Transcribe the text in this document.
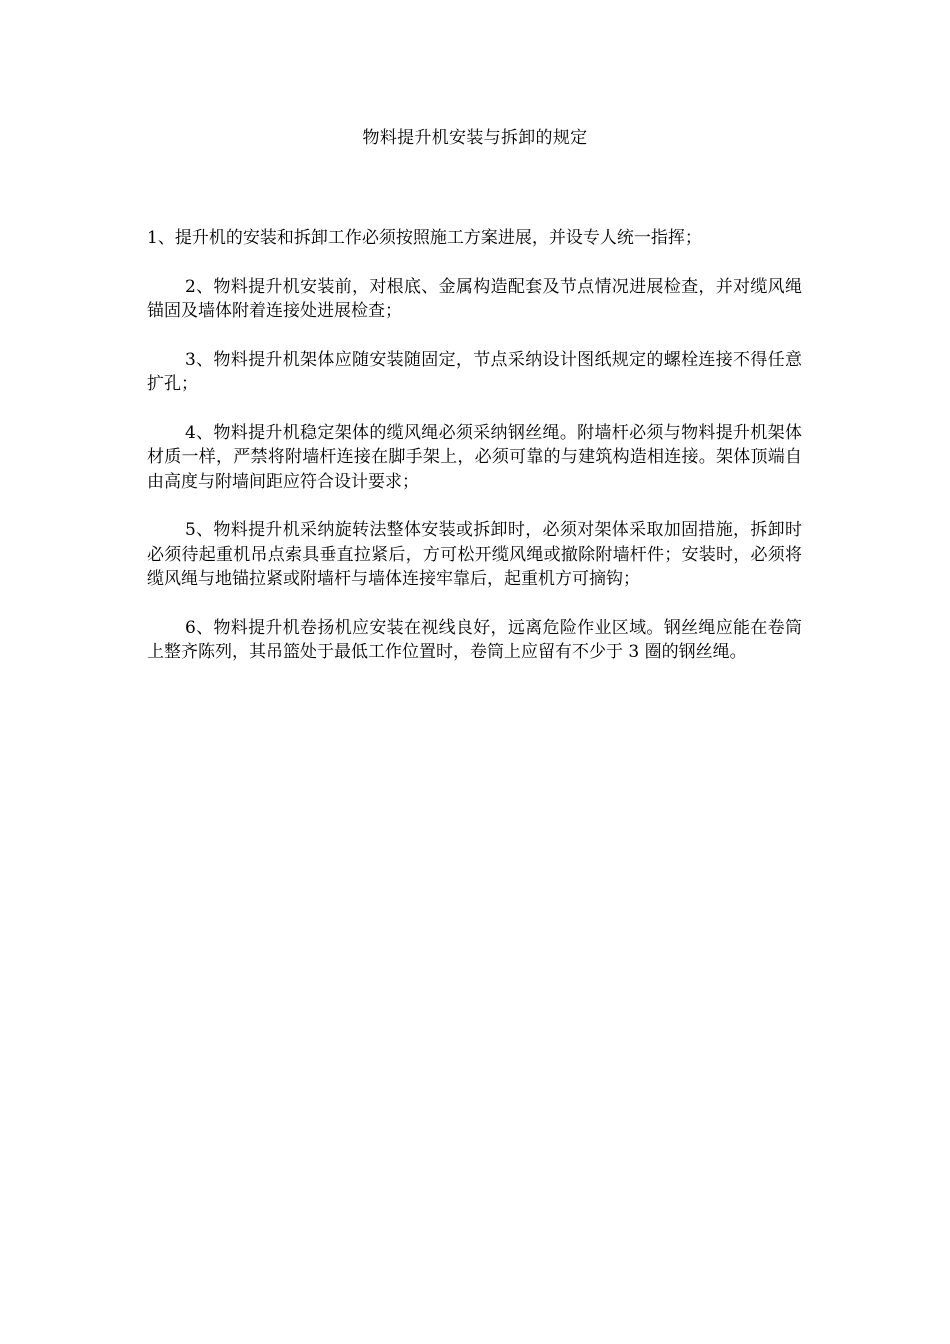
物料提升机安装与拆卸的规定

1、提升机的安装和拆卸工作必须按照施工方案进展，并设专人统一指挥；

2、物料提升机安装前，对根底、金属构造配套及节点情况进展检查，并对缆风绳锚固及墙体附着连接处进展检查；

3、物料提升机架体应随安装随固定，节点采纳设计图纸规定的螺栓连接不得任意扩孔；

4、物料提升机稳定架体的缆风绳必须采纳钢丝绳。附墙杆必须与物料提升机架体材质一样，严禁将附墙杆连接在脚手架上，必须可靠的与建筑构造相连接。架体顶端自由高度与附墙间距应符合设计要求；

5、物料提升机采纳旋转法整体安装或拆卸时，必须对架体采取加固措施，拆卸时必须待起重机吊点索具垂直拉紧后，方可松开缆风绳或撤除附墙杆件；安装时，必须将缆风绳与地锚拉紧或附墙杆与墙体连接牢靠后，起重机方可摘钩；

6、物料提升机卷扬机应安装在视线良好，远离危险作业区域。钢丝绳应能在卷筒上整齐陈列，其吊篮处于最低工作位置时，卷筒上应留有不少于 3 圈的钢丝绳。
